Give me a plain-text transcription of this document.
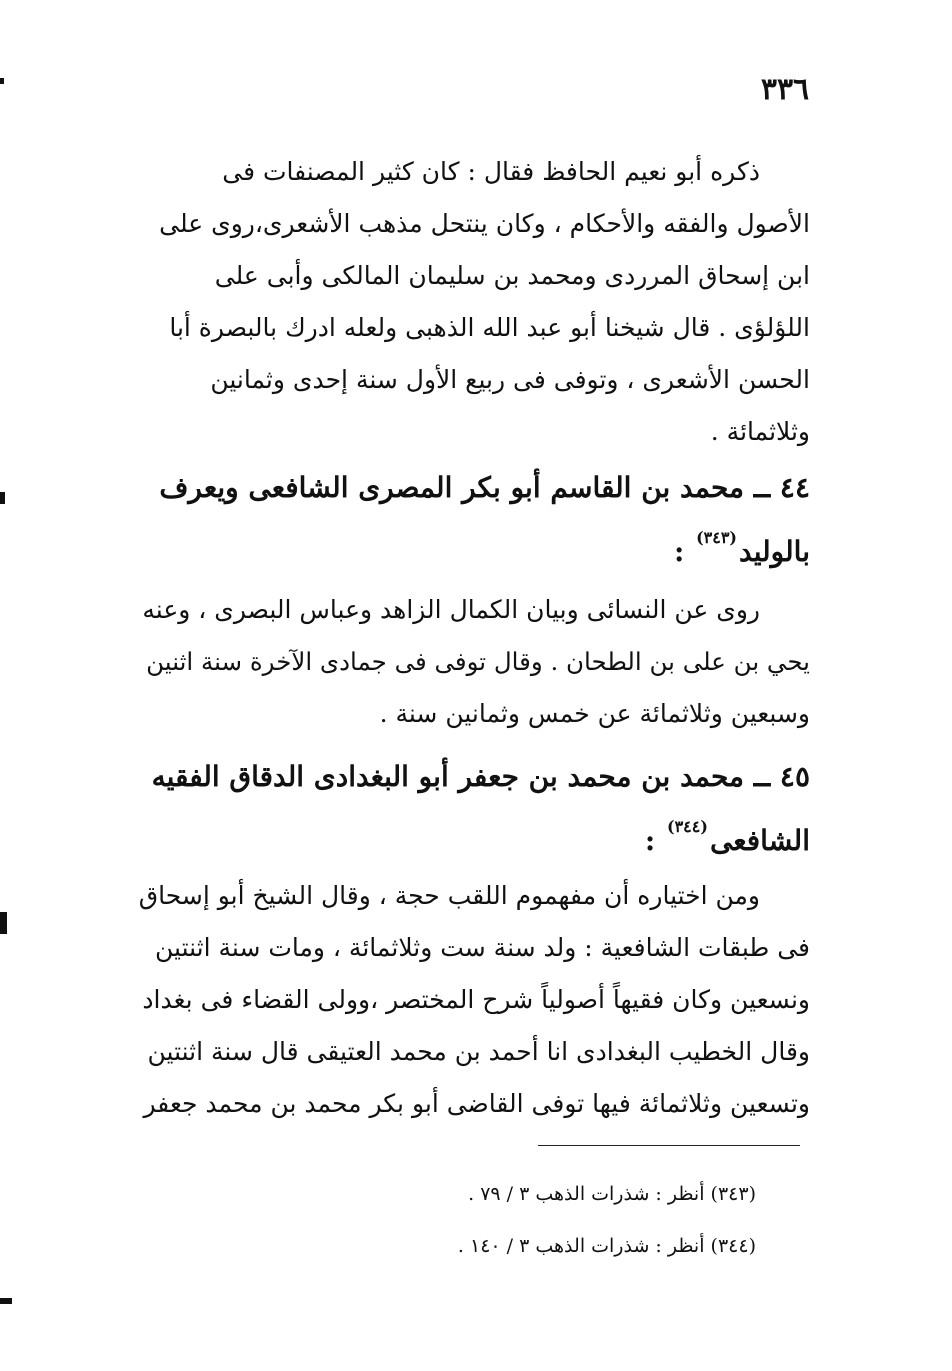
٣٣٦

ذكره أبو نعيم الحافظ فقال : كان كثير المصنفات فى

الأصول والفقه والأحكام ، وكان ينتحل مذهب الأشعرى،روى على

ابن إسحاق المرردى ومحمد بن سليمان المالكى وأبى على

اللؤلؤى . قال شيخنا أبو عبد الله الذهبى ولعله ادرك بالبصرة أبا

الحسن الأشعرى ، وتوفى فى ربيع الأول سنة إحدى وثمانين

وثلاثمائة .

٤٤ ــ محمد بن القاسم أبو بكر المصرى الشافعى ويعرف

بالوليد$^{(٣٤٣)}$ :

روى عن النسائى وبيان الكمال الزاهد وعباس البصرى ، وعنه

يحي بن على بن الطحان . وقال توفى فى جمادى الآخرة سنة اثنين

وسبعين وثلاثمائة عن خمس وثمانين سنة .

٤٥ ــ محمد بن محمد بن جعفر أبو البغدادى الدقاق الفقيه

الشافعى$^{(٣٤٤)}$ :

ومن اختياره أن مفهموم اللقب حجة ، وقال الشيخ أبو إسحاق

فى طبقات الشافعية : ولد سنة ست وثلاثمائة ، ومات سنة اثنتين

ونسعين وكان فقيهاً أصولياً شرح المختصر ،وولى القضاء فى بغداد

وقال الخطيب البغدادى انا أحمد بن محمد العتيقى قال سنة اثنتين

وتسعين وثلاثمائة فيها توفى القاضى أبو بكر محمد بن محمد جعفر

(٣٤٣) أنظر : شذرات الذهب ٣ / ٧٩ .

(٣٤٤) أنظر : شذرات الذهب ٣ / ١٤٠ .
